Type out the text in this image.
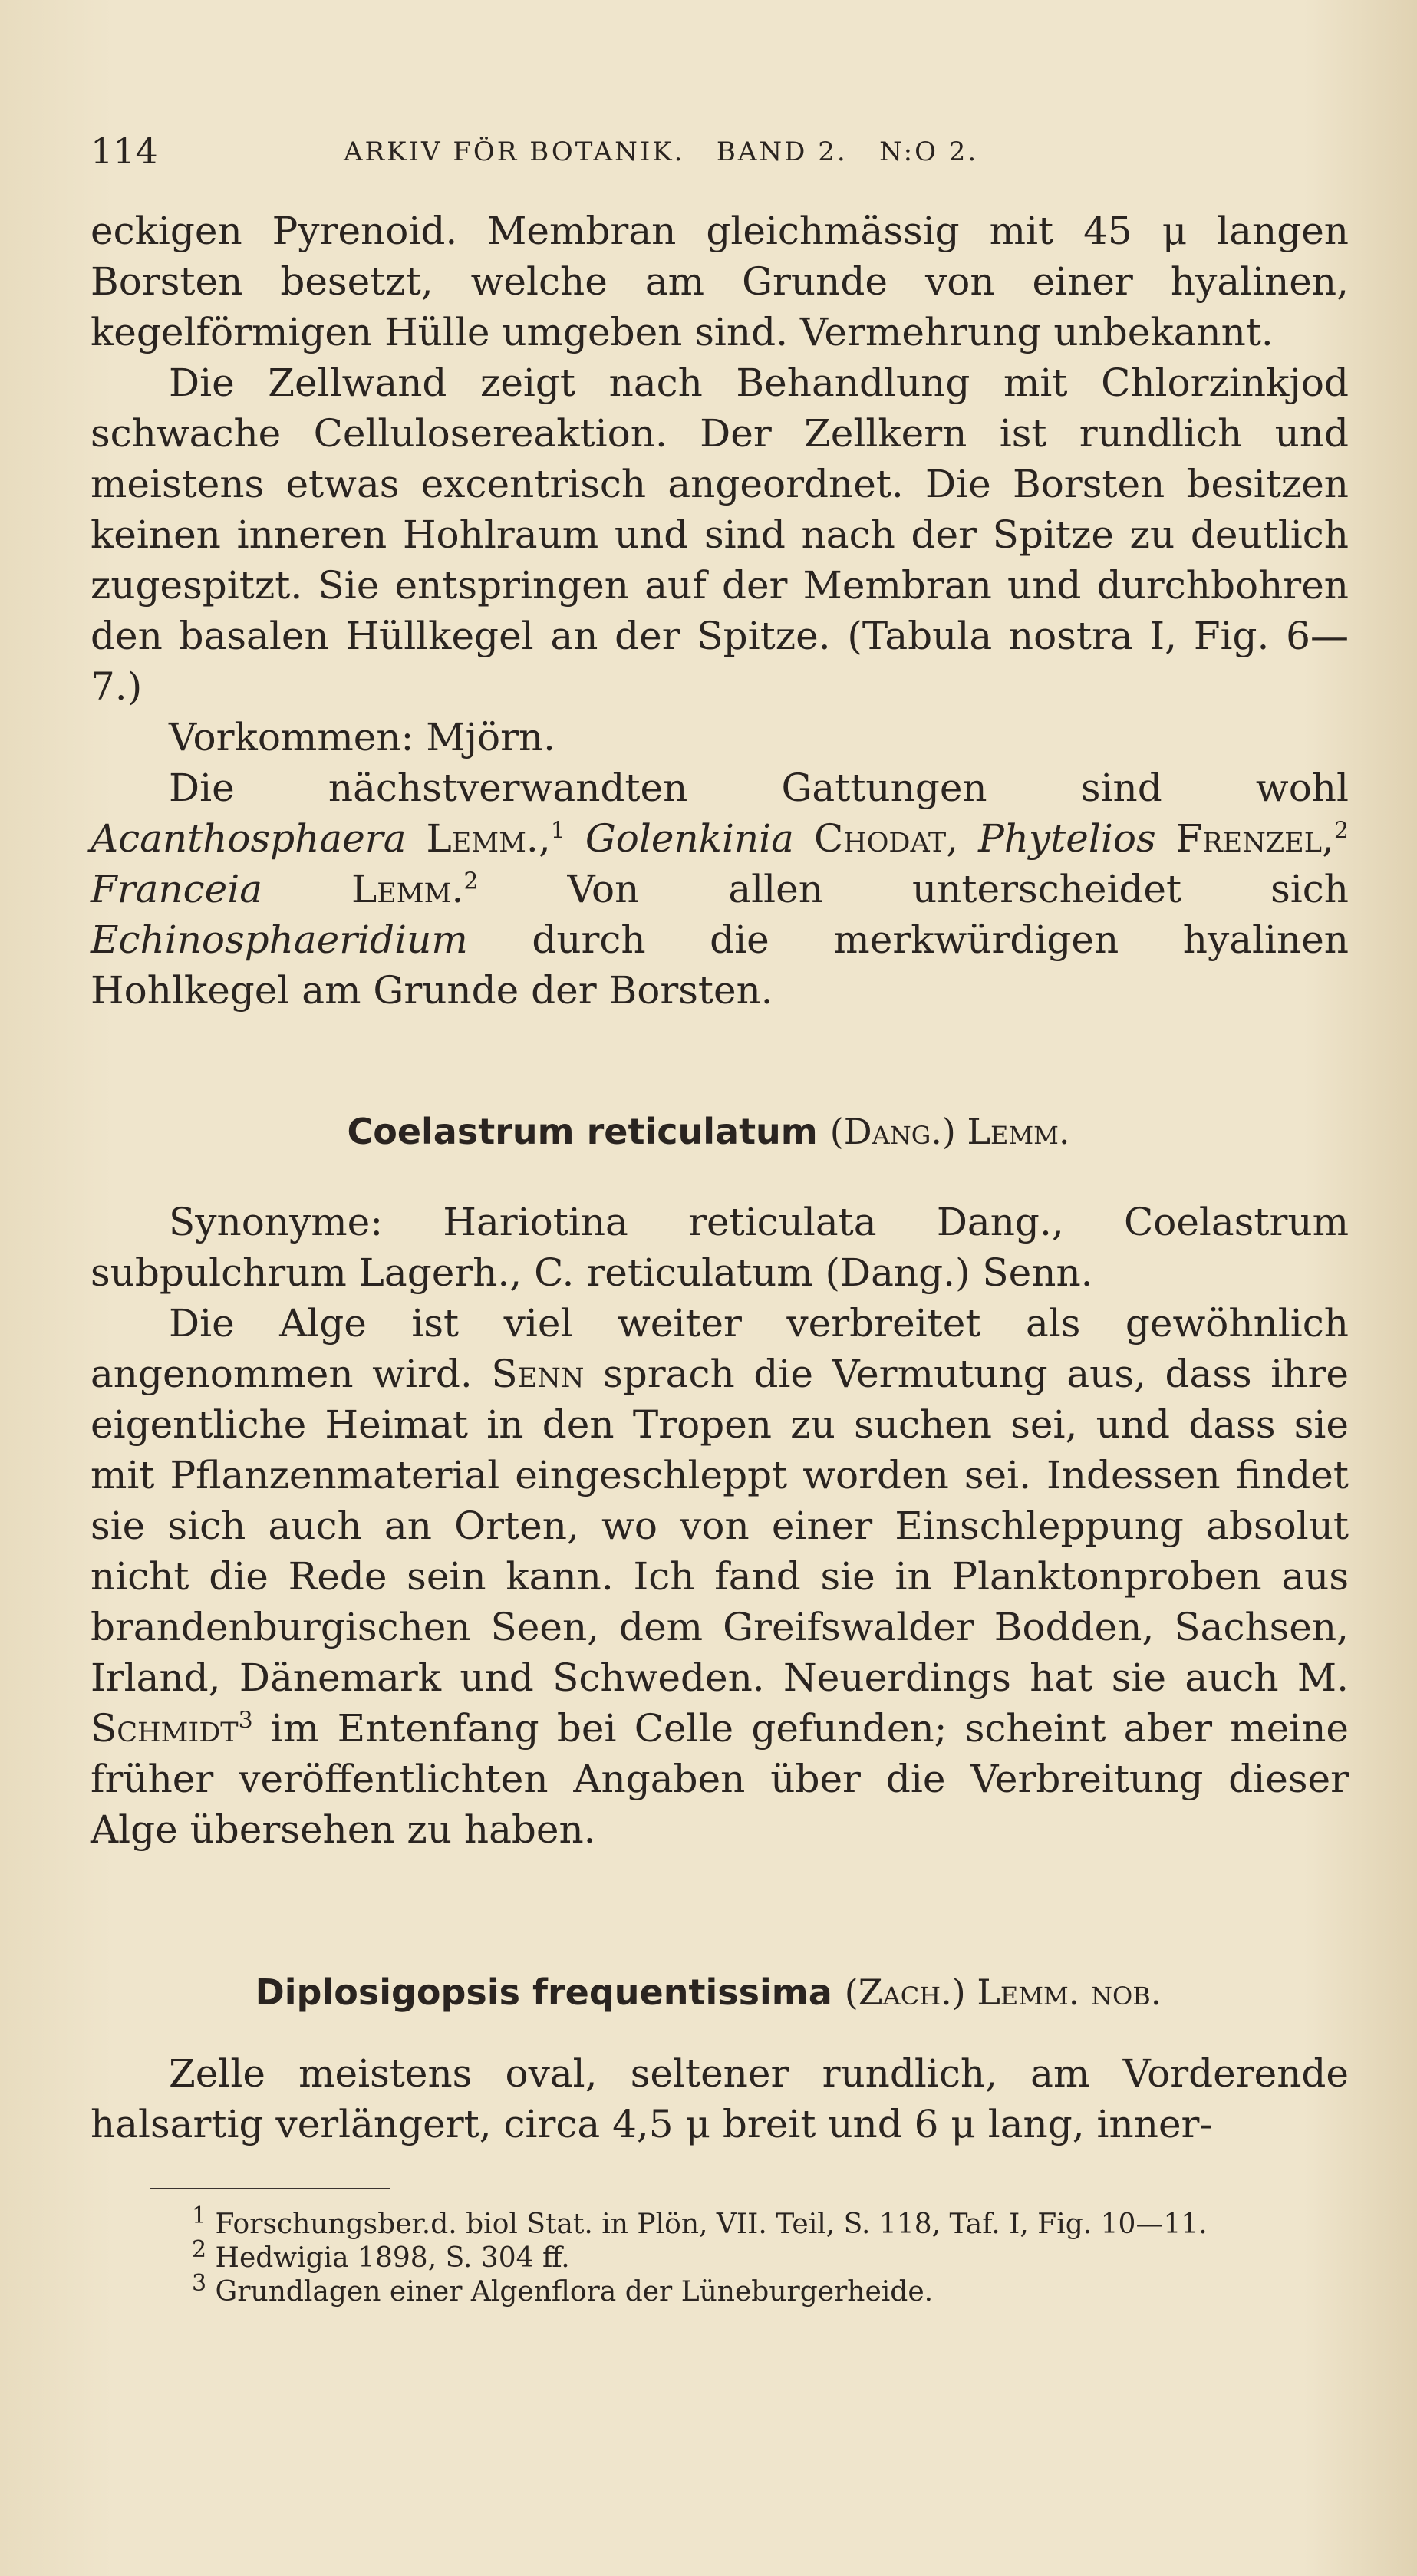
114	ARKIV FÖR BOTANIK.   BAND 2.   N:O 2.

eckigen Pyrenoid. Membran gleichmässig mit 45 μ langen Borsten besetzt, welche am Grunde von einer hyalinen, kegelförmigen Hülle umgeben sind. Vermehrung unbekannt.

Die Zellwand zeigt nach Behandlung mit Chlorzinkjod schwache Cellulosereaktion. Der Zellkern ist rundlich und meistens etwas excentrisch angeordnet. Die Borsten besitzen keinen inneren Hohlraum und sind nach der Spitze zu deutlich zugespitzt. Sie entspringen auf der Membran und durchbohren den basalen Hüllkegel an der Spitze. (Tabula nostra I, Fig. 6—7.)

Vorkommen: Mjörn.

Die nächstverwandten Gattungen sind wohl Acanthosphaera Lemm.,$^1$ Golenkinia Chodat, Phytelios Frenzel,$^2$ Franceia Lemm.$^2$ Von allen unterscheidet sich Echinosphaeridium durch die merkwürdigen hyalinen Hohlkegel am Grunde der Borsten.

Coelastrum reticulatum (Dang.) Lemm.

Synonyme: Hariotina reticulata Dang., Coelastrum subpulchrum Lagerh., C. reticulatum (Dang.) Senn.

Die Alge ist viel weiter verbreitet als gewöhnlich angenommen wird. Senn sprach die Vermutung aus, dass ihre eigentliche Heimat in den Tropen zu suchen sei, und dass sie mit Pflanzenmaterial eingeschleppt worden sei. Indessen findet sie sich auch an Orten, wo von einer Einschleppung absolut nicht die Rede sein kann. Ich fand sie in Planktonproben aus brandenburgischen Seen, dem Greifswalder Bodden, Sachsen, Irland, Dänemark und Schweden. Neuerdings hat sie auch M. Schmidt$^3$ im Entenfang bei Celle gefunden; scheint aber meine früher veröffentlichten Angaben über die Verbreitung dieser Alge übersehen zu haben.

Diplosigopsis frequentissima (Zach.) Lemm. nob.

Zelle meistens oval, seltener rundlich, am Vorderende halsartig verlängert, circa 4,5 μ breit und 6 μ lang, inner-

$^1$ Forschungsber.d. biol Stat. in Plön, VII. Teil, S. 118, Taf. I, Fig. 10—11.

$^2$ Hedwigia 1898, S. 304 ff.

$^3$ Grundlagen einer Algenflora der Lüneburgerheide.
